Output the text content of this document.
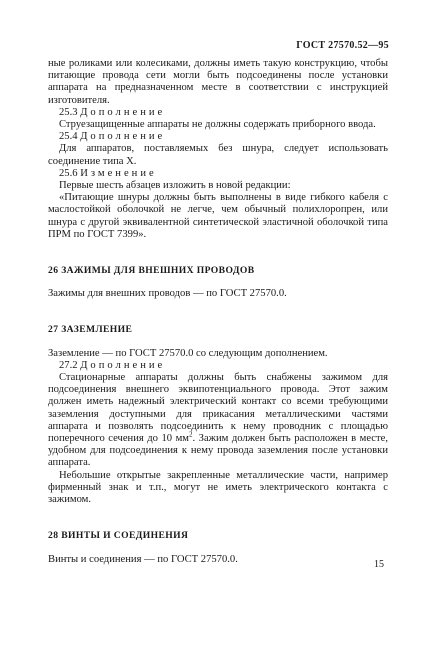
ГОСТ 27570.52—95

ные роликами или колесиками, должны иметь такую конструкцию, чтобы питающие провода сети могли быть подсоединены после установки аппарата на предназначенном месте в соответствии с инструкцией изготовителя.

25.3 Дополнение

Струезащищенные аппараты не должны содержать приборного ввода.

25.4 Дополнение

Для аппаратов, поставляемых без шнура, следует использовать соединение типа X.

25.6 Изменение

Первые шесть абзацев изложить в новой редакции:

«Питающие шнуры должны быть выполнены в виде гибкого кабеля с маслостойкой оболочкой не легче, чем обычный полихлоропрен, или шнура с другой эквивалентной синтетической эластичной оболочкой типа ПРМ по ГОСТ 7399».

26 ЗАЖИМЫ ДЛЯ ВНЕШНИХ ПРОВОДОВ

Зажимы для внешних проводов — по ГОСТ 27570.0.

27 ЗАЗЕМЛЕНИЕ

Заземление — по ГОСТ 27570.0 со следующим дополнением.

27.2 Дополнение

Стационарные аппараты должны быть снабжены зажимом для подсоединения внешнего эквипотенциального провода. Этот зажим должен иметь надежный электрический контакт со всеми требующими заземления доступными для прикасания металлическими частями аппарата и позволять подсоединить к нему проводник с площадью поперечного сечения до 10 $мм^2$. Зажим должен быть расположен в месте, удобном для подсоединения к нему провода заземления после установки аппарата.

Небольшие открытые закрепленные металлические части, например фирменный знак и т.п., могут не иметь электрического контакта с зажимом.

28 ВИНТЫ И СОЕДИНЕНИЯ

Винты и соединения — по ГОСТ 27570.0.	15
